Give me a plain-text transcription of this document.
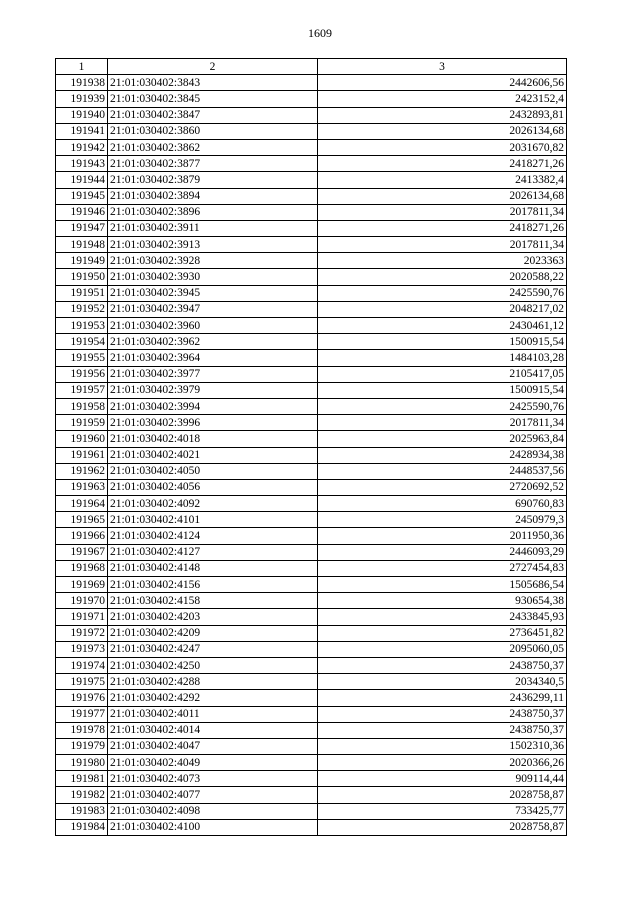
1609
1	2	3
191938	21:01:030402:3843	2442606,56
191939	21:01:030402:3845	2423152,4
191940	21:01:030402:3847	2432893,81
191941	21:01:030402:3860	2026134,68
191942	21:01:030402:3862	2031670,82
191943	21:01:030402:3877	2418271,26
191944	21:01:030402:3879	2413382,4
191945	21:01:030402:3894	2026134,68
191946	21:01:030402:3896	2017811,34
191947	21:01:030402:3911	2418271,26
191948	21:01:030402:3913	2017811,34
191949	21:01:030402:3928	2023363
191950	21:01:030402:3930	2020588,22
191951	21:01:030402:3945	2425590,76
191952	21:01:030402:3947	2048217,02
191953	21:01:030402:3960	2430461,12
191954	21:01:030402:3962	1500915,54
191955	21:01:030402:3964	1484103,28
191956	21:01:030402:3977	2105417,05
191957	21:01:030402:3979	1500915,54
191958	21:01:030402:3994	2425590,76
191959	21:01:030402:3996	2017811,34
191960	21:01:030402:4018	2025963,84
191961	21:01:030402:4021	2428934,38
191962	21:01:030402:4050	2448537,56
191963	21:01:030402:4056	2720692,52
191964	21:01:030402:4092	690760,83
191965	21:01:030402:4101	2450979,3
191966	21:01:030402:4124	2011950,36
191967	21:01:030402:4127	2446093,29
191968	21:01:030402:4148	2727454,83
191969	21:01:030402:4156	1505686,54
191970	21:01:030402:4158	930654,38
191971	21:01:030402:4203	2433845,93
191972	21:01:030402:4209	2736451,82
191973	21:01:030402:4247	2095060,05
191974	21:01:030402:4250	2438750,37
191975	21:01:030402:4288	2034340,5
191976	21:01:030402:4292	2436299,11
191977	21:01:030402:4011	2438750,37
191978	21:01:030402:4014	2438750,37
191979	21:01:030402:4047	1502310,36
191980	21:01:030402:4049	2020366,26
191981	21:01:030402:4073	909114,44
191982	21:01:030402:4077	2028758,87
191983	21:01:030402:4098	733425,77
191984	21:01:030402:4100	2028758,87
